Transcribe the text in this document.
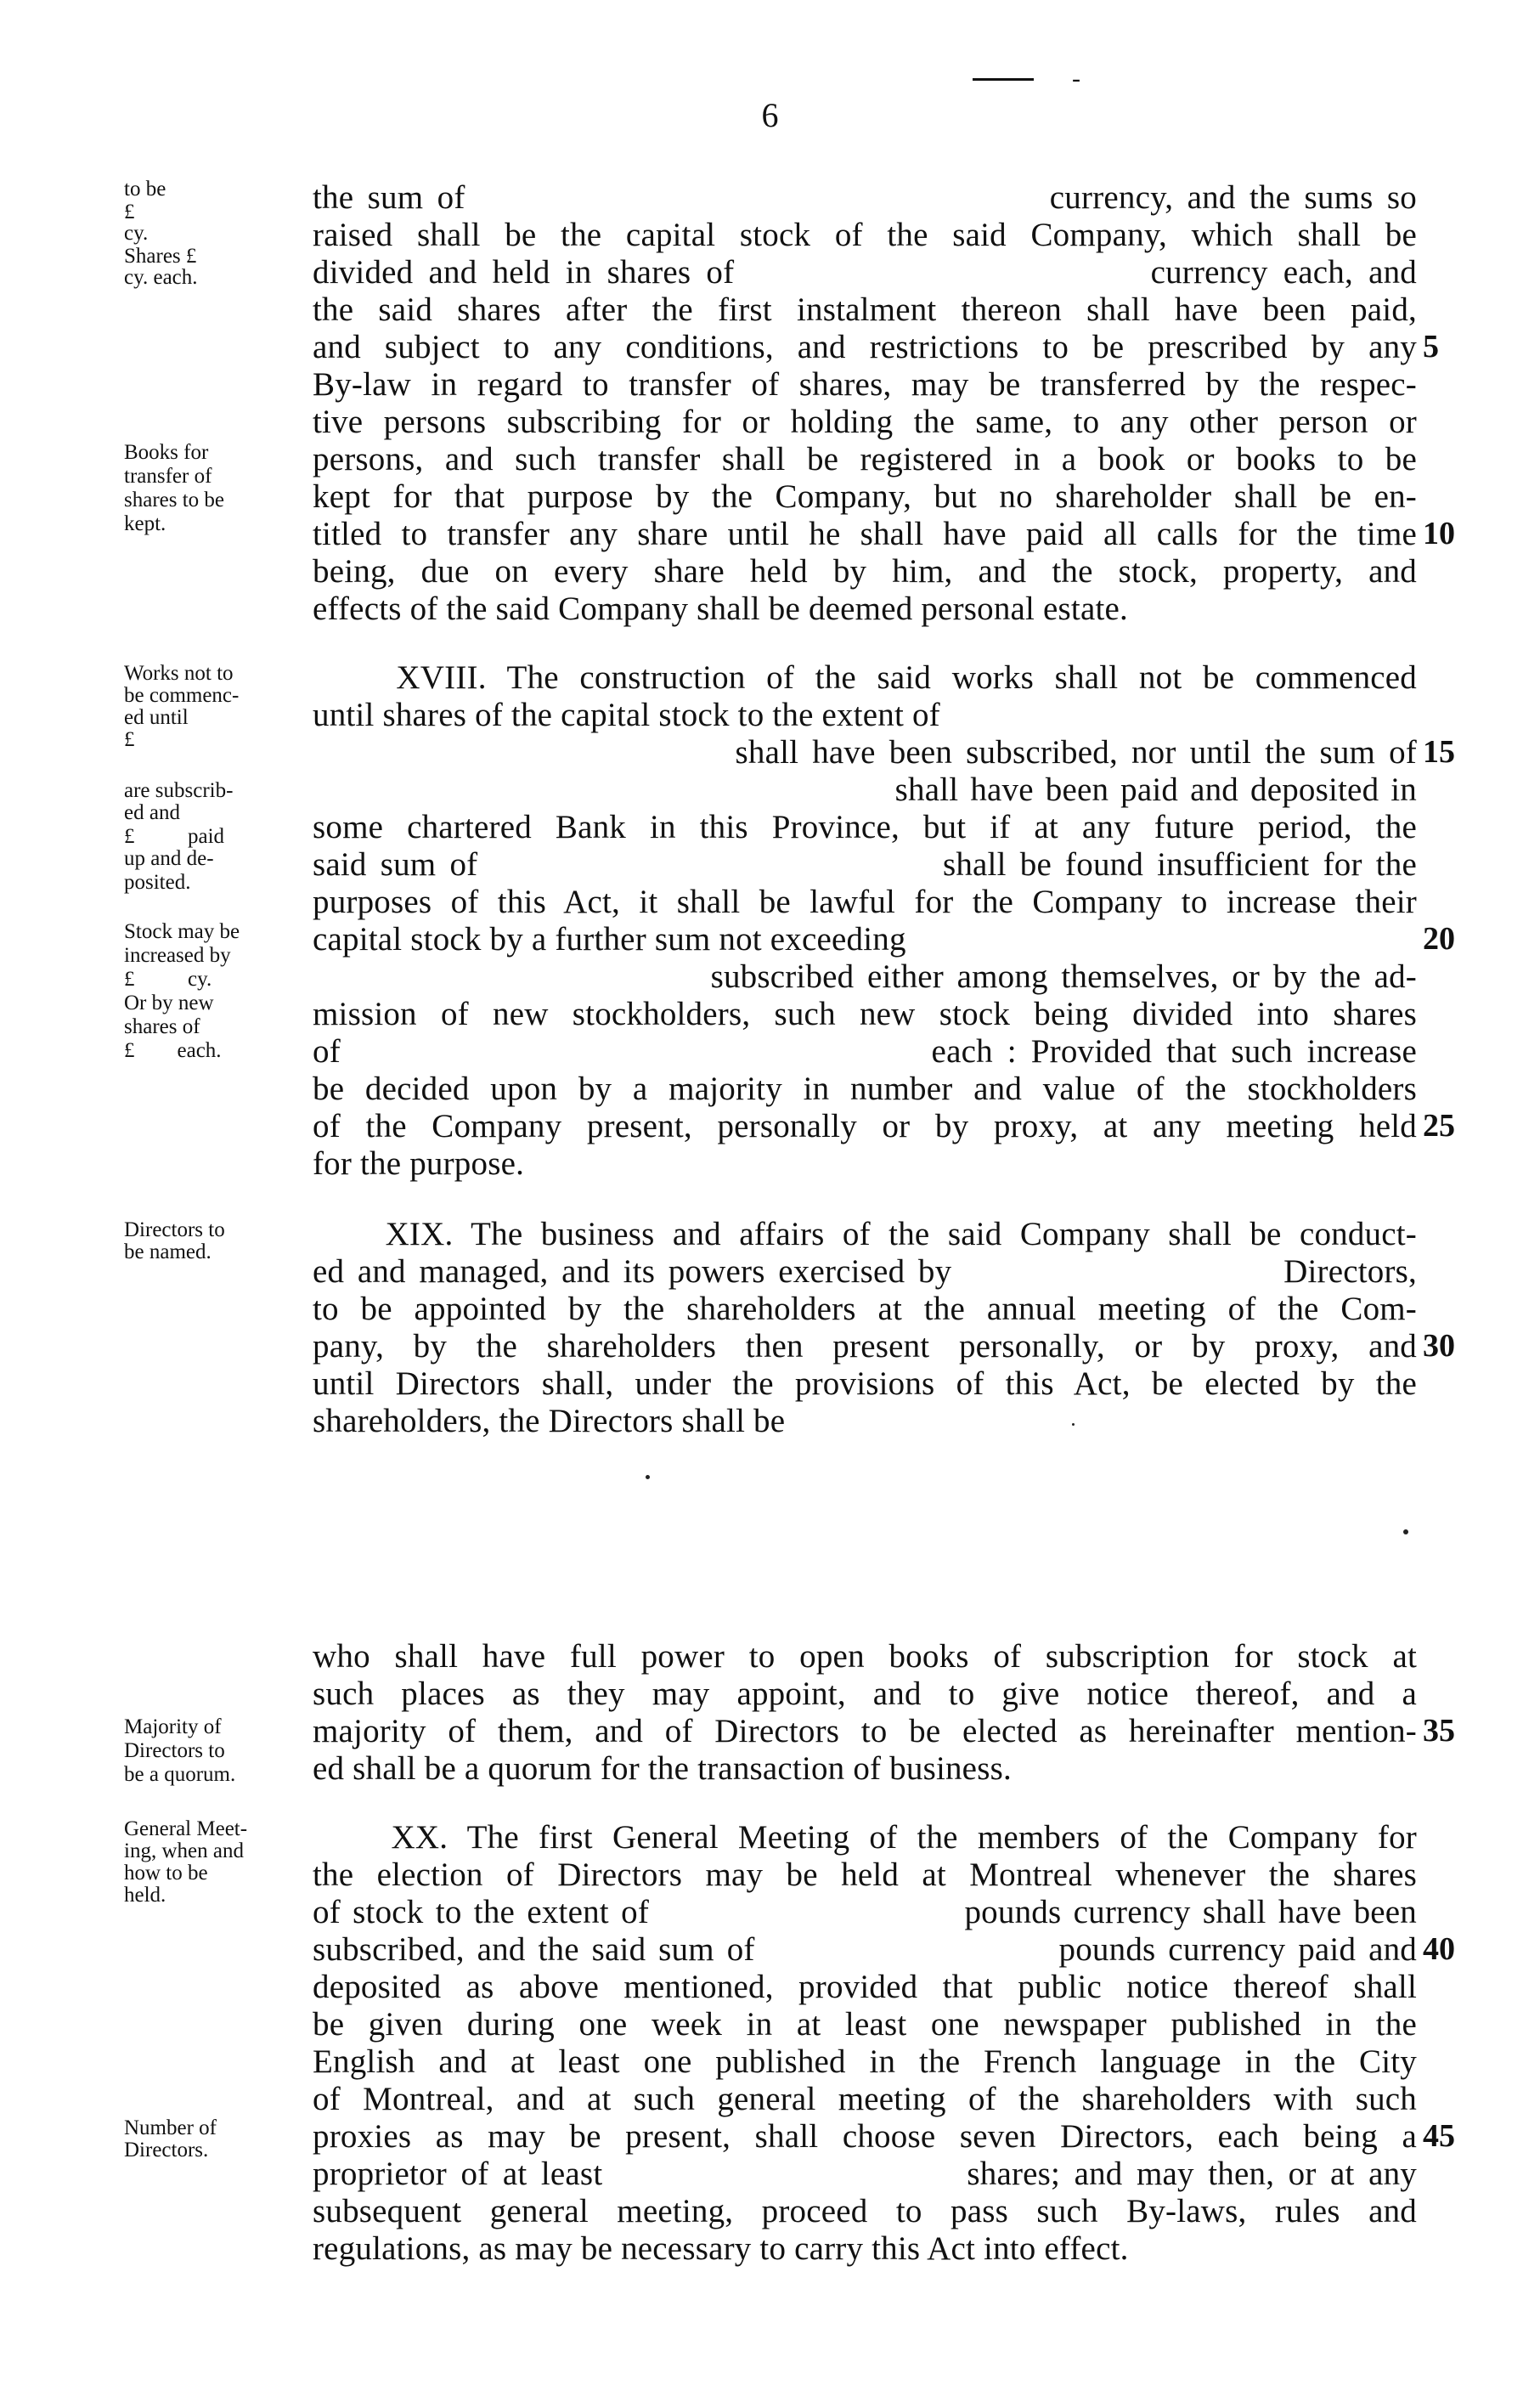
-
6
the sum of                                          currency, and the sums so
raised shall be the capital stock of the said Company, which shall be
divided and held in shares of                           currency each, and
the said shares after the first instalment thereon shall have been paid,
and subject to any conditions, and restrictions to be prescribed by any
By-law in regard to transfer of shares, may be transferred by the respec-
tive persons subscribing for or holding the same, to any other person or
persons, and such transfer shall be registered in a book or books to be
kept for that purpose by the Company, but no shareholder shall be en-
titled to transfer any share until he shall have paid all calls for the time
being, due on every share held by him, and the stock, property, and
effects of the said Company shall be deemed personal estate.
XVIII. The construction of the said works shall not be commenced
until shares of the capital stock to the extent of
shall have been subscribed, nor until the sum of
shall have been paid and deposited in
some chartered Bank in this Province, but if at any future period, the
said sum of                                  shall be found insufficient for the
purposes of this Act, it shall be lawful for the Company to increase their
capital stock by a further sum not exceeding
subscribed either among themselves, or by the ad-
mission of new stockholders, such new stock being divided into shares
of                                         each : Provided that such increase
be decided upon by a majority in number and value of the stockholders
of the Company present, personally or by proxy, at any meeting held
for the purpose.
XIX. The business and affairs of the said Company shall be conduct-
ed and managed, and its powers exercised by                         Directors,
to be appointed by the shareholders at the annual meeting of the Com-
pany, by the shareholders then present personally, or by proxy, and
until Directors shall, under the provisions of this Act, be elected by the
shareholders, the Directors shall be
who shall have full power to open books of subscription for stock at
such places as they may appoint, and to give notice thereof, and a
majority of them, and of Directors to be elected as hereinafter mention-
ed shall be a quorum for the transaction of business.
XX. The first General Meeting of the members of the Company for
the election of Directors may be held at Montreal whenever the shares
of stock to the extent of                          pounds currency shall have been
subscribed, and the said sum of                        pounds currency paid and
deposited as above mentioned, provided that public notice thereof shall
be given during one week in at least one newspaper published in the
English and at least one published in the French language in the City
of Montreal, and at such general meeting of the shareholders with such
proxies as may be present, shall choose seven Directors, each being a
proprietor of at least                          shares; and may then, or at any
subsequent general meeting, proceed to pass such By-laws, rules and
regulations, as may be necessary to carry this Act into effect.
to be
£
cy.
Shares £
cy. each.
Books for
transfer of
shares to be
kept.
Works not to
be commenc-
ed until
£
are subscrib-
ed and
£          paid
up and de-
posited.
Stock may be
increased by
£          cy.
Or by new
shares of
£        each.
Directors to
be named.
Majority of
Directors to
be a quorum.
General Meet-
ing, when and
how to be
held.
Number of
Directors.
5
10
15
20
25
30
35
40
45
